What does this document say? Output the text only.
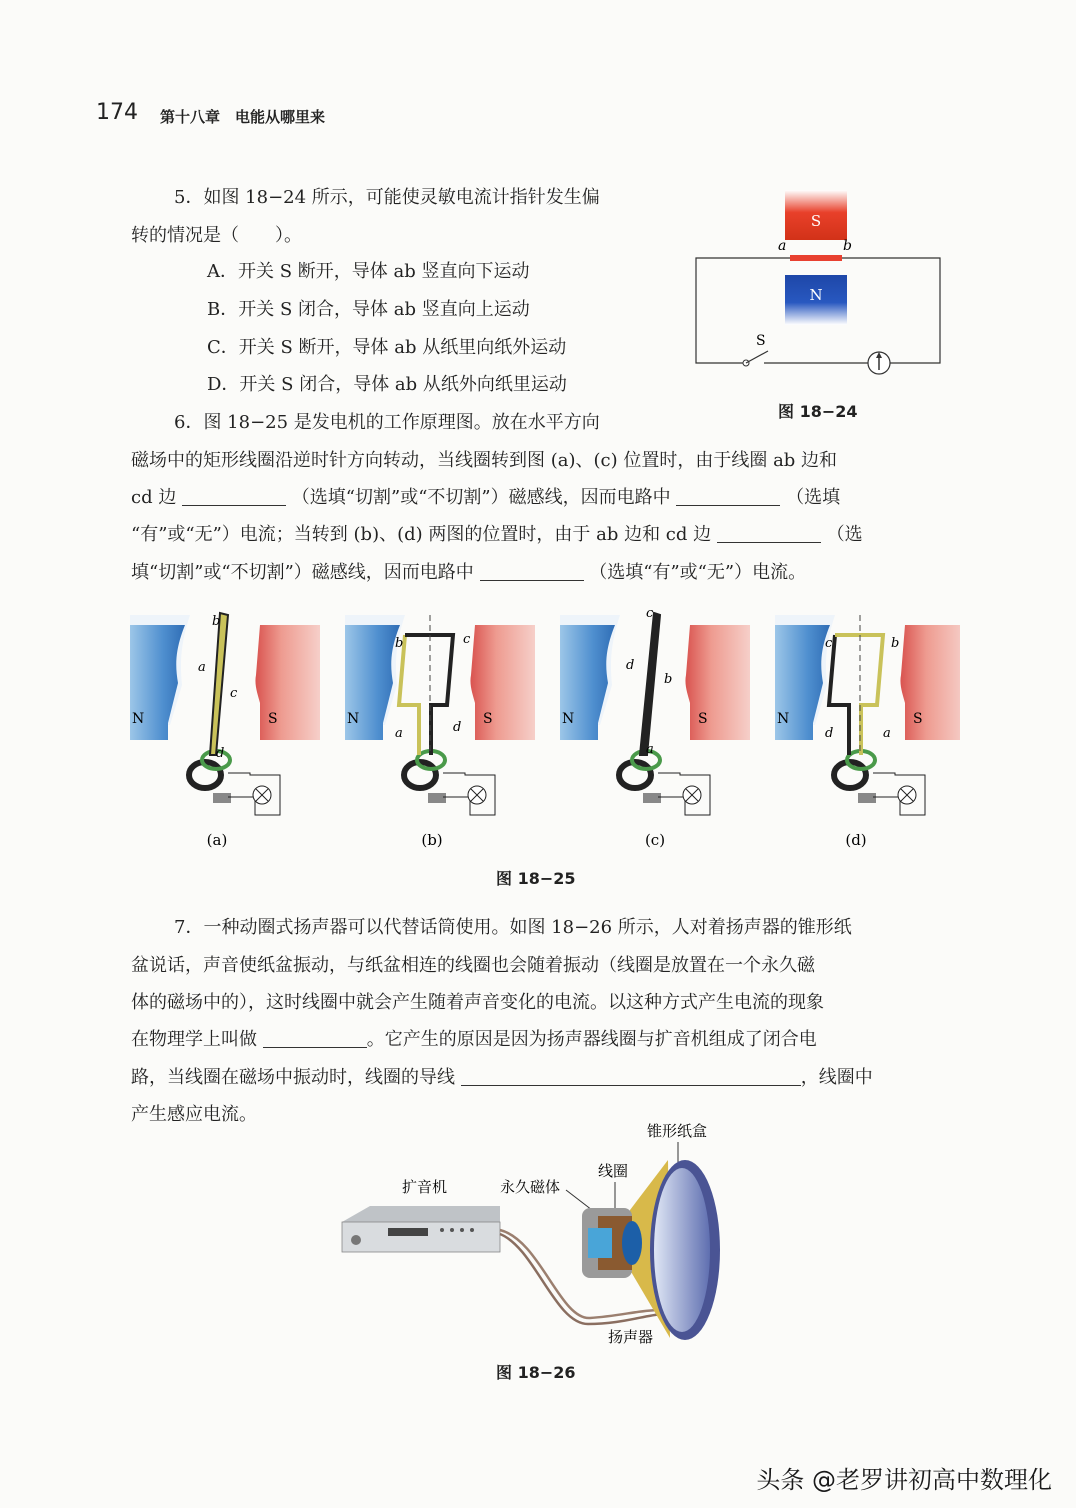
174 第十八章　电能从哪里来
5．如图 18−24 所示，可能使灵敏电流计指针发生偏
转的情况是（　　）。
A．开关 S 断开，导体 ab 竖直向下运动
B．开关 S 闭合，导体 ab 竖直向上运动
C．开关 S 断开，导体 ab 从纸里向纸外运动
D．开关 S 闭合，导体 ab 从纸外向纸里运动
S
a	b
N
S
图 18−24
6．图 18−25 是发电机的工作原理图。放在水平方向
磁场中的矩形线圈沿逆时针方向转动，当线圈转到图 (a)、(c) 位置时，由于线圈 ab 边和
cd 边	（选填“切割”或“不切割”）磁感线，因而电路中	（选填
“有”或“无”）电流；当转到 (b)、(d) 两图的位置时，由于 ab 边和 cd 边	（选
填“切割”或“不切割”）磁感线，因而电路中	（选填“有”或“无”）电流。
N	S
b
a
c
d
(a)
N	S
b	c
a	d
(b)
N	S
c
d
b
a
(c)
N	S
c	b
d	a
(d)
图 18−25
7．一种动圈式扬声器可以代替话筒使用。如图 18−26 所示，人对着扬声器的锥形纸
盆说话，声音使纸盆振动，与纸盆相连的线圈也会随着振动（线圈是放置在一个永久磁
体的磁场中的），这时线圈中就会产生随着声音变化的电流。以这种方式产生电流的现象
在物理学上叫做	。它产生的原因是因为扬声器线圈与扩音机组成了闭合电
路，当线圈在磁场中振动时，线圈的导线	，线圈中
产生感应电流。
锥形纸盒
扩音机	永久磁体
线圈
扬声器
图 18−26
头条 @老罗讲初高中数理化
